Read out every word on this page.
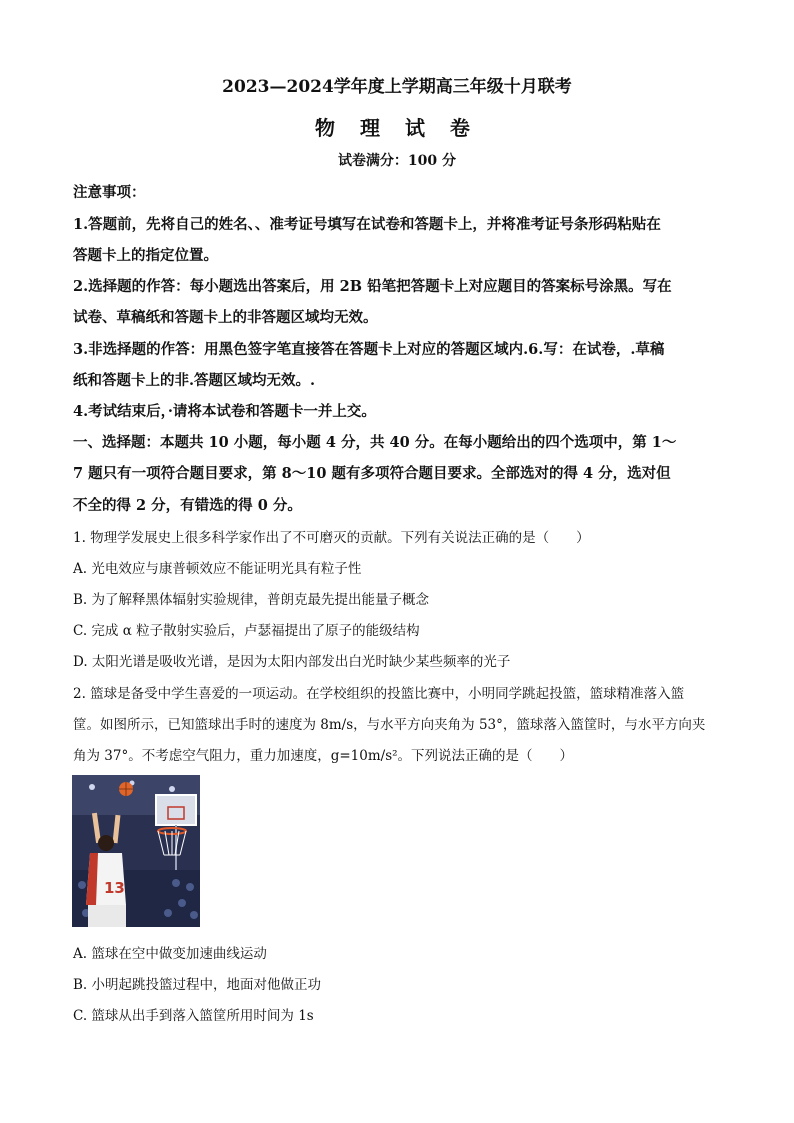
2023—2024学年度上学期高三年级十月联考
物 理 试 卷
试卷满分：100 分
注意事项：
1.答题前，先将自己的姓名、、准考证号填写在试卷和答题卡上，并将准考证号条形码粘贴在
答题卡上的指定位置。
2.选择题的作答：每小题选出答案后，用 2B 铅笔把答题卡上对应题目的答案标号涂黑。写在
试卷、草稿纸和答题卡上的非答题区域均无效。
3.非选择题的作答：用黑色签字笔直接答在答题卡上对应的答题区域内.6.写：在试卷，.草稿
纸和答题卡上的非.答题区域均无效。.
4.考试结束后，·请将本试卷和答题卡一并上交。
一、选择题：本题共 10 小题，每小题 4 分，共 40 分。在每小题给出的四个选项中，第 1～
7 题只有一项符合题目要求，第 8～10 题有多项符合题目要求。全部选对的得 4 分，选对但
不全的得 2 分，有错选的得 0 分。
1. 物理学发展史上很多科学家作出了不可磨灭的贡献。下列有关说法正确的是（　　）
A. 光电效应与康普顿效应不能证明光具有粒子性
B. 为了解释黑体辐射实验规律，普朗克最先提出能量子概念
C. 完成 α 粒子散射实验后，卢瑟福提出了原子的能级结构
D. 太阳光谱是吸收光谱，是因为太阳内部发出白光时缺少某些频率的光子
2. 篮球是备受中学生喜爱的一项运动。在学校组织的投篮比赛中，小明同学跳起投篮，篮球精准落入篮
筐。如图所示，已知篮球出手时的速度为 8m/s，与水平方向夹角为 53°，篮球落入篮筐时，与水平方向夹
角为 37°。不考虑空气阻力，重力加速度，g=10m/s²。下列说法正确的是（　　）
13
A. 篮球在空中做变加速曲线运动
B. 小明起跳投篮过程中，地面对他做正功
C. 篮球从出手到落入篮筐所用时间为 1s
